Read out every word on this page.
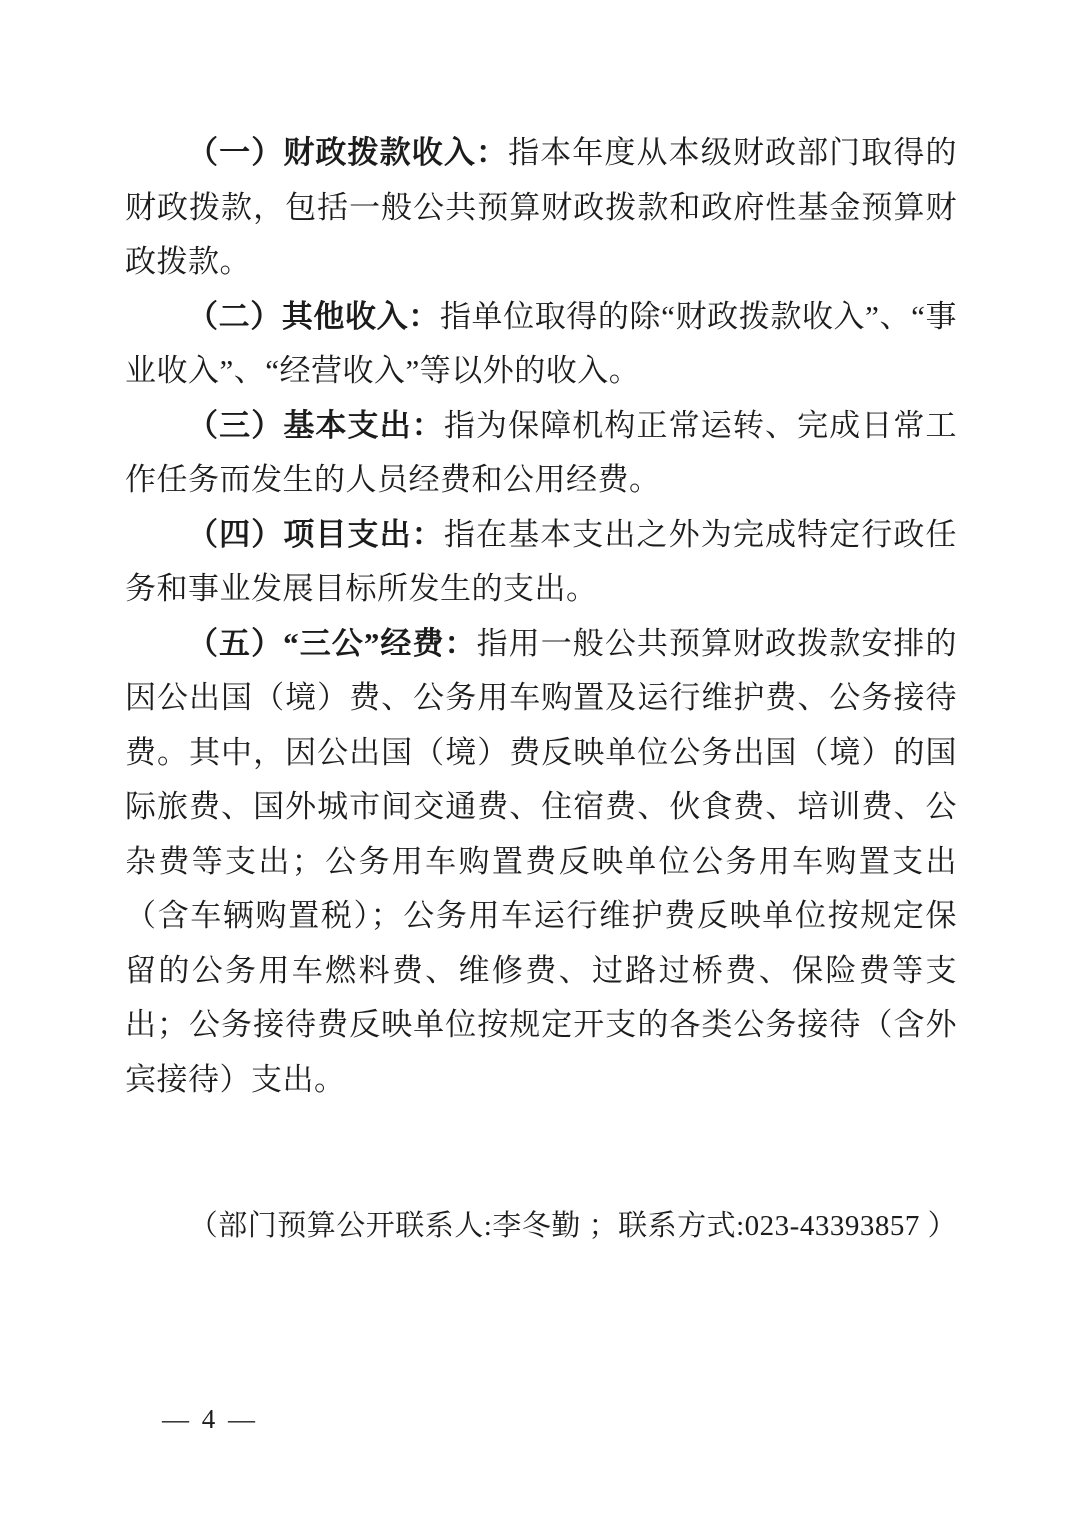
（一）财政拨款收入：指本年度从本级财政部门取得的财政拨款，包括一般公共预算财政拨款和政府性基金预算财政拨款。

（二）其他收入：指单位取得的除“财政拨款收入”、“事业收入”、“经营收入”等以外的收入。

（三）基本支出：指为保障机构正常运转、完成日常工作任务而发生的人员经费和公用经费。

（四）项目支出：指在基本支出之外为完成特定行政任务和事业发展目标所发生的支出。

（五）“三公”经费：指用一般公共预算财政拨款安排的因公出国（境）费、公务用车购置及运行维护费、公务接待费。其中，因公出国（境）费反映单位公务出国（境）的国际旅费、国外城市间交通费、住宿费、伙食费、培训费、公杂费等支出；公务用车购置费反映单位公务用车购置支出（含车辆购置税）；公务用车运行维护费反映单位按规定保留的公务用车燃料费、维修费、过路过桥费、保险费等支出；公务接待费反映单位按规定开支的各类公务接待（含外宾接待）支出。

（部门预算公开联系人:李冬勤 ；联系方式:023-43393857 ）

— 4 —
